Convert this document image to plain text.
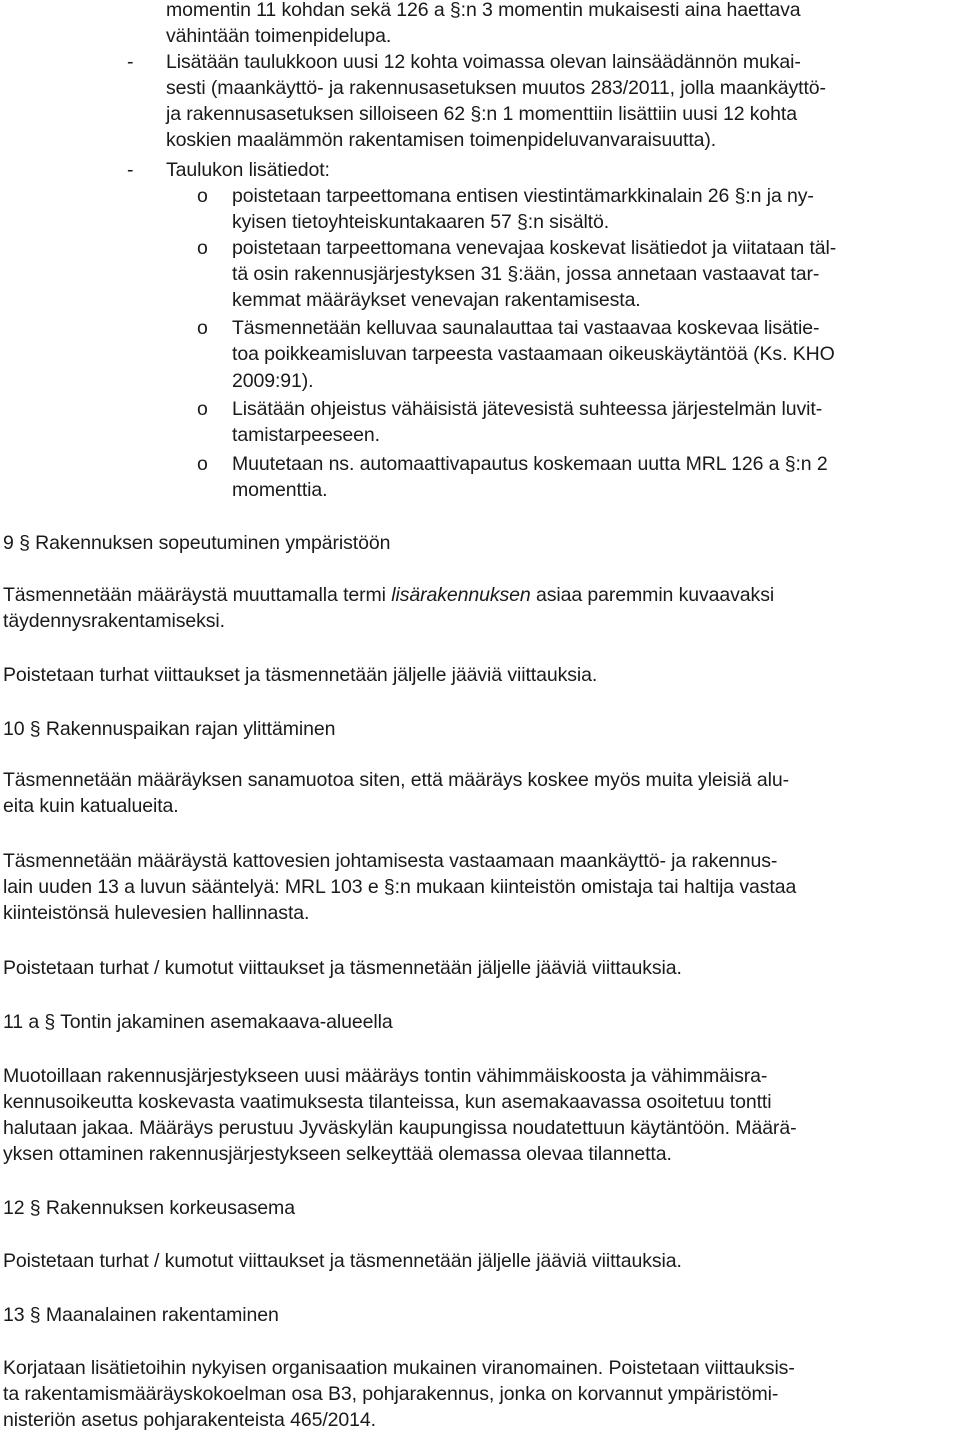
momentin 11 kohdan sekä 126 a §:n 3 momentin mukaisesti aina haettava
vähintään toimenpidelupa.
- Lisätään taulukkoon uusi 12 kohta voimassa olevan lainsäädännön mukai-
sesti (maankäyttö- ja rakennusasetuksen muutos 283/2011, jolla maankäyttö-
ja rakennusasetuksen silloiseen 62 §:n 1 momenttiin lisättiin uusi 12 kohta
koskien maalämmön rakentamisen toimenpideluvanvaraisuutta).
- Taulukon lisätiedot:
o poistetaan tarpeettomana entisen viestintämarkkinalain 26 §:n ja ny-
kyisen tietoyhteiskuntakaaren 57 §:n sisältö.
o poistetaan tarpeettomana venevajaa koskevat lisätiedot ja viitataan täl-
tä osin rakennusjärjestyksen 31 §:ään, jossa annetaan vastaavat tar-
kemmat määräykset venevajan rakentamisesta.
o Täsmennetään kelluvaa saunalauttaa tai vastaavaa koskevaa lisätie-
toa poikkeamisluvan tarpeesta vastaamaan oikeuskäytäntöä (Ks. KHO
2009:91).
o Lisätään ohjeistus vähäisistä jätevesistä suhteessa järjestelmän luvit-
tamistarpeeseen.
o Muutetaan ns. automaattivapautus koskemaan uutta MRL 126 a §:n 2
momenttia.
9 § Rakennuksen sopeutuminen ympäristöön
Täsmennetään määräystä muuttamalla termi lisärakennuksen asiaa paremmin kuvaavaksi
täydennysrakentamiseksi.
Poistetaan turhat viittaukset ja täsmennetään jäljelle jääviä viittauksia.
10 § Rakennuspaikan rajan ylittäminen
Täsmennetään määräyksen sanamuotoa siten, että määräys koskee myös muita yleisiä alu-
eita kuin katualueita.
Täsmennetään määräystä kattovesien johtamisesta vastaamaan maankäyttö- ja rakennus-
lain uuden 13 a luvun sääntelyä: MRL 103 e §:n mukaan kiinteistön omistaja tai haltija vastaa
kiinteistönsä hulevesien hallinnasta.
Poistetaan turhat / kumotut viittaukset ja täsmennetään jäljelle jääviä viittauksia.
11 a § Tontin jakaminen asemakaava-alueella
Muotoillaan rakennusjärjestykseen uusi määräys tontin vähimmäiskoosta ja vähimmäisra-
kennusoikeutta koskevasta vaatimuksesta tilanteissa, kun asemakaavassa osoitetuu tontti
halutaan jakaa. Määräys perustuu Jyväskylän kaupungissa noudatettuun käytäntöön. Määrä-
yksen ottaminen rakennusjärjestykseen selkeyttää olemassa olevaa tilannetta.
12 § Rakennuksen korkeusasema
Poistetaan turhat / kumotut viittaukset ja täsmennetään jäljelle jääviä viittauksia.
13 § Maanalainen rakentaminen
Korjataan lisätietoihin nykyisen organisaation mukainen viranomainen. Poistetaan viittauksis-
ta rakentamismääräyskokoelman osa B3, pohjarakennus, jonka on korvannut ympäristömi-
nisteriön asetus pohjarakenteista 465/2014.
